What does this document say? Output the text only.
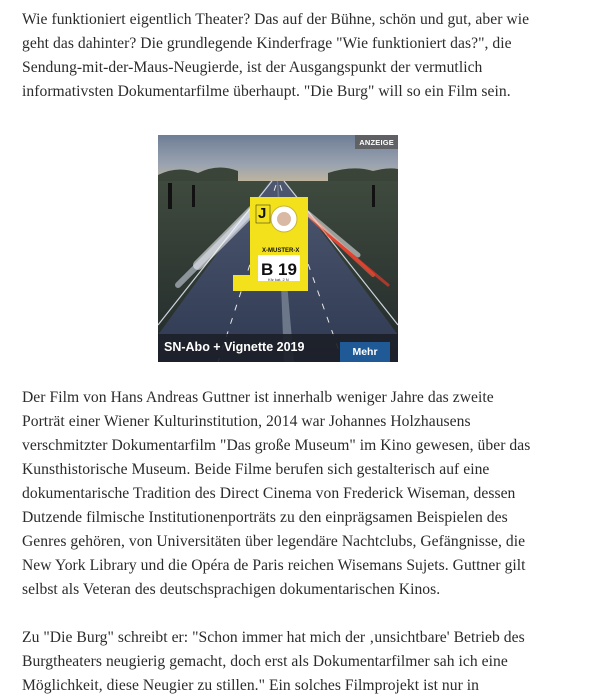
Wie funktioniert eigentlich Theater? Das auf der Bühne, schön und gut, aber wie
geht das dahinter? Die grundlegende Kinderfrage "Wie funktioniert das?", die
Sendung-mit-der-Maus-Neugierde, ist der Ausgangspunkt der vermutlich
informativsten Dokumentarfilme überhaupt. "Die Burg" will so ein Film sein.

Der Film von Hans Andreas Guttner ist innerhalb weniger Jahre das zweite
Porträt einer Wiener Kulturinstitution, 2014 war Johannes Holzhausens
verschmitzter Dokumentarfilm "Das große Museum" im Kino gewesen, über das
Kunsthistorische Museum. Beide Filme berufen sich gestalterisch auf eine
dokumentarische Tradition des Direct Cinema von Frederick Wiseman, dessen
Dutzende filmische Institutionenporträts zu den einprägsamen Beispielen des
Genres gehören, von Universitäten über legendäre Nachtclubs, Gefängnisse, die
New York Library und die Opéra de Paris reichen Wisemans Sujets. Guttner gilt
selbst als Veteran des deutschsprachigen dokumentarischen Kinos.

Zu "Die Burg" schreibt er: "Schon immer hat mich der ‚unsichtbare' Betrieb des
Burgtheaters neugierig gemacht, doch erst als Dokumentarfilmer sah ich eine
Möglichkeit, diese Neugier zu stillen." Ein solches Filmprojekt ist nur in

J
X-MUSTER-X
B 19
Kfz kat. 2 N
ANZEIGE
SN-Abo + Vignette 2019	Mehr
